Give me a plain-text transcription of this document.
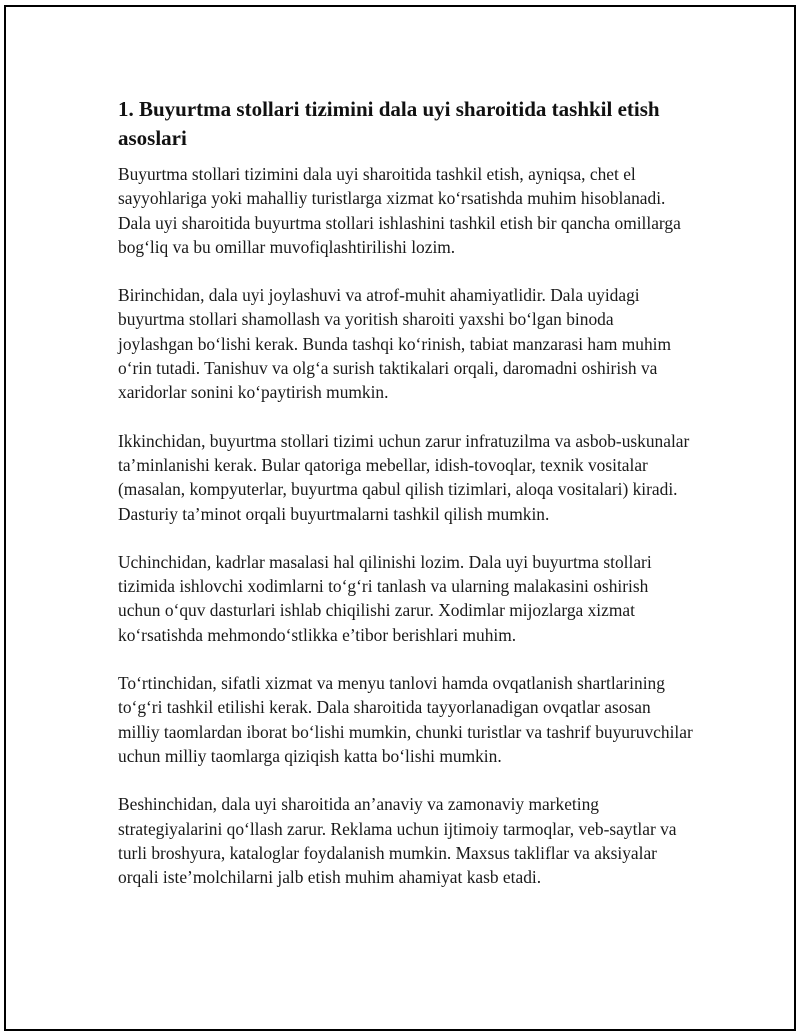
1. Buyurtma stollari tizimini dala uyi sharoitida tashkil etish asoslari

Buyurtma stollari tizimini dala uyi sharoitida tashkil etish, ayniqsa, chet el sayyohlariga yoki mahalliy turistlarga xizmat ko‘rsatishda muhim hisoblanadi. Dala uyi sharoitida buyurtma stollari ishlashini tashkil etish bir qancha omillarga bog‘liq va bu omillar muvofiqlashtirilishi lozim.

Birinchidan, dala uyi joylashuvi va atrof-muhit ahamiyatlidir. Dala uyidagi buyurtma stollari shamollash va yoritish sharoiti yaxshi bo‘lgan binoda joylashgan bo‘lishi kerak. Bunda tashqi ko‘rinish, tabiat manzarasi ham muhim o‘rin tutadi. Tanishuv va olg‘a surish taktikalari orqali, daromadni oshirish va xaridorlar sonini ko‘paytirish mumkin.

Ikkinchidan, buyurtma stollari tizimi uchun zarur infratuzilma va asbob-uskunalar ta’minlanishi kerak. Bular qatoriga mebellar, idish-tovoqlar, texnik vositalar (masalan, kompyuterlar, buyurtma qabul qilish tizimlari, aloqa vositalari) kiradi. Dasturiy ta’minot orqali buyurtmalarni tashkil qilish mumkin.

Uchinchidan, kadrlar masalasi hal qilinishi lozim. Dala uyi buyurtma stollari tizimida ishlovchi xodimlarni to‘g‘ri tanlash va ularning malakasini oshirish uchun o‘quv dasturlari ishlab chiqilishi zarur. Xodimlar mijozlarga xizmat ko‘rsatishda mehmondo‘stlikka e’tibor berishlari muhim.

To‘rtinchidan, sifatli xizmat va menyu tanlovi hamda ovqatlanish shartlarining to‘g‘ri tashkil etilishi kerak. Dala sharoitida tayyorlanadigan ovqatlar asosan milliy taomlardan iborat bo‘lishi mumkin, chunki turistlar va tashrif buyuruvchilar uchun milliy taomlarga qiziqish katta bo‘lishi mumkin.

Beshinchidan, dala uyi sharoitida an’anaviy va zamonaviy marketing strategiyalarini qo‘llash zarur. Reklama uchun ijtimoiy tarmoqlar, veb-saytlar va turli broshyura, kataloglar foydalanish mumkin. Maxsus takliflar va aksiyalar orqali iste’molchilarni jalb etish muhim ahamiyat kasb etadi.
